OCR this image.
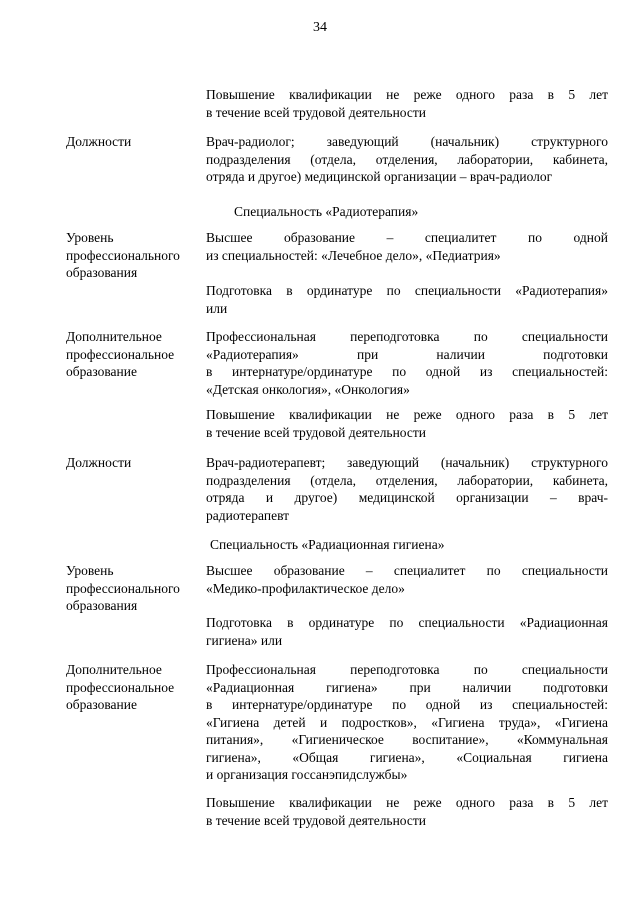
34
Повышение квалификации не реже одного раза в 5 лет
в течение всей трудовой деятельности
Должности	Врач-радиолог; заведующий (начальник) структурного
подразделения (отдела, отделения, лаборатории, кабинета,
отряда и другое) медицинской организации – врач-радиолог
Специальность «Радиотерапия»
Уровень
профессионального
образования
Высшее образование – специалитет по одной
из специальностей: «Лечебное дело», «Педиатрия»
Подготовка в ординатуре по специальности «Радиотерапия»
или
Дополнительное
профессиональное
образование
Профессиональная переподготовка по специальности
«Радиотерапия» при наличии подготовки
в интернатуре/ординатуре по одной из специальностей:
«Детская онкология», «Онкология»
Повышение квалификации не реже одного раза в 5 лет
в течение всей трудовой деятельности
Должности	Врач-радиотерапевт; заведующий (начальник) структурного
подразделения (отдела, отделения, лаборатории, кабинета,
отряда и другое) медицинской организации – врач-
радиотерапевт
Специальность «Радиационная гигиена»
Уровень
профессионального
образования
Высшее образование – специалитет по специальности
«Медико-профилактическое дело»
Подготовка в ординатуре по специальности «Радиационная
гигиена» или
Дополнительное
профессиональное
образование
Профессиональная переподготовка по специальности
«Радиационная гигиена» при наличии подготовки
в интернатуре/ординатуре по одной из специальностей:
«Гигиена детей и подростков», «Гигиена труда», «Гигиена
питания», «Гигиеническое воспитание», «Коммунальная
гигиена», «Общая гигиена», «Социальная гигиена
и организация госсанэпидслужбы»
Повышение квалификации не реже одного раза в 5 лет
в течение всей трудовой деятельности
